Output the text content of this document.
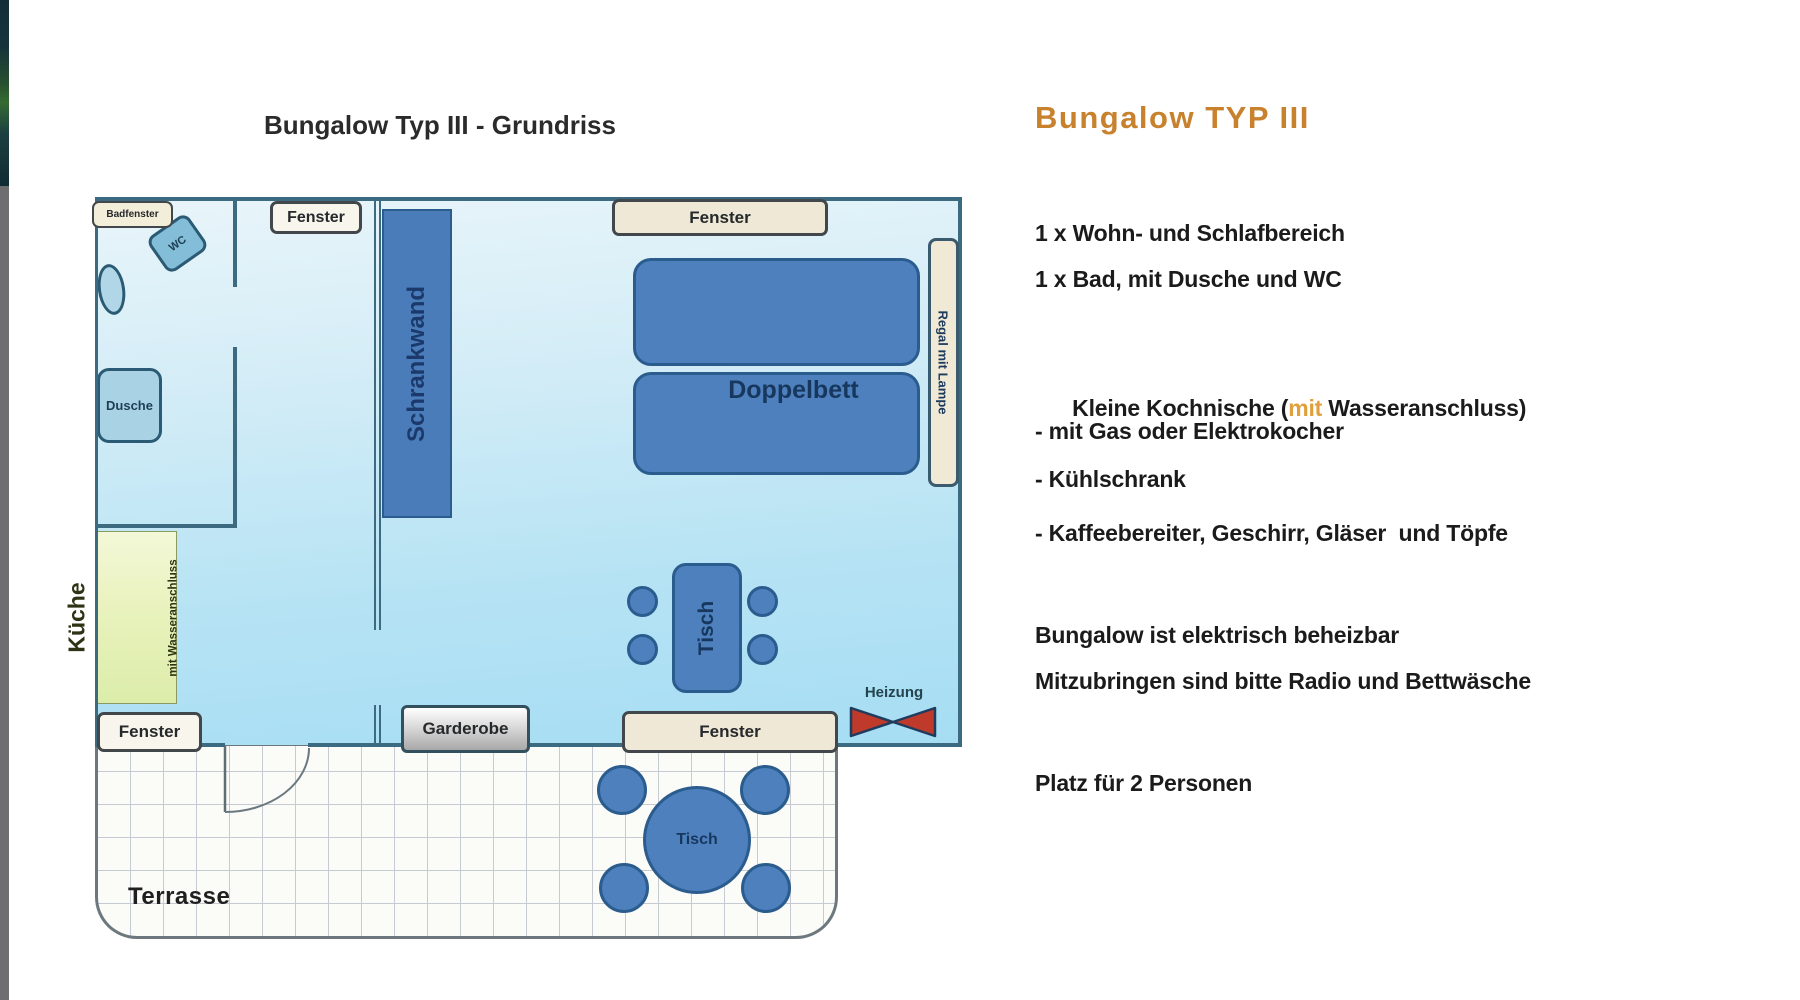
Bungalow Typ III - Grundriss
Badfenster
WC
Dusche
Fenster
Schrankwand
Fenster
Doppelbett	Regal mit Lampe
Küche	mit Wasseranschluss	Tisch
Heizung
Fenster	Garderobe	Fenster
Tisch
Terrasse
Bungalow TYP III
1 x Wohn- und Schlafbereich
1 x Bad, mit Dusche und WC

Kleine Kochnische (mit Wasseranschluss)

- mit Gas oder Elektrokocher
- Kühlschrank
- Kaffeebereiter, Geschirr, Gläser  und Töpfe
Bungalow ist elektrisch beheizbar
Mitzubringen sind bitte Radio und Bettwäsche
Platz für 2 Personen
